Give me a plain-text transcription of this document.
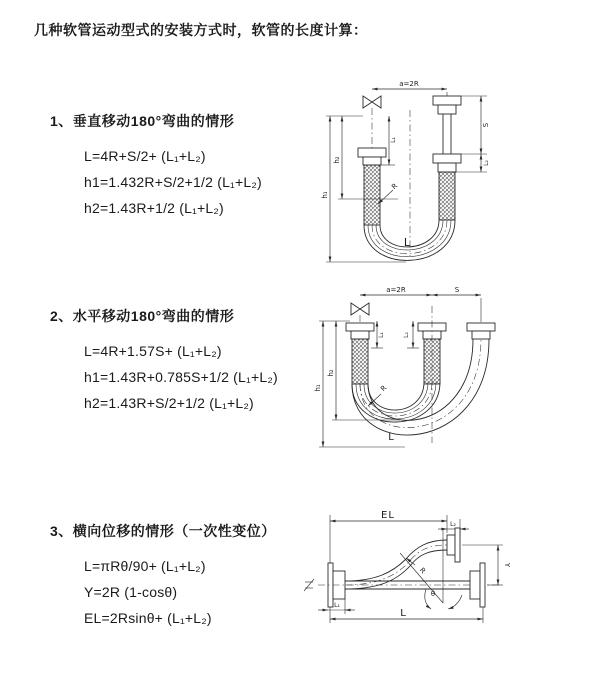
几种软管运动型式的安装方式时，软管的长度计算：
1、垂直移动180°弯曲的情形
L=4R+S/2+ (L₁+L₂)
h1=1.432R+S/2+1/2 (L₁+L₂)
h2=1.43R+1/2 (L₁+L₂)
2、水平移动180°弯曲的情形
L=4R+1.57S+ (L₁+L₂)
h1=1.43R+0.785S+1/2 (L₁+L₂)
h2=1.43R+S/2+1/2 (L₁+L₂)
3、横向位移的情形（一次性变位）
L=πRθ/90+ (L₁+L₂)
Y=2R (1-cosθ)
EL=2Rsinθ+ (L₁+L₂)
a=2R
R
L
h₁
h₂
L₁
S
L₂
a=2R	S
R
L
h₁
h₂
L₁	L₂
EL
L₂
θ
R
Y
L₁
L
